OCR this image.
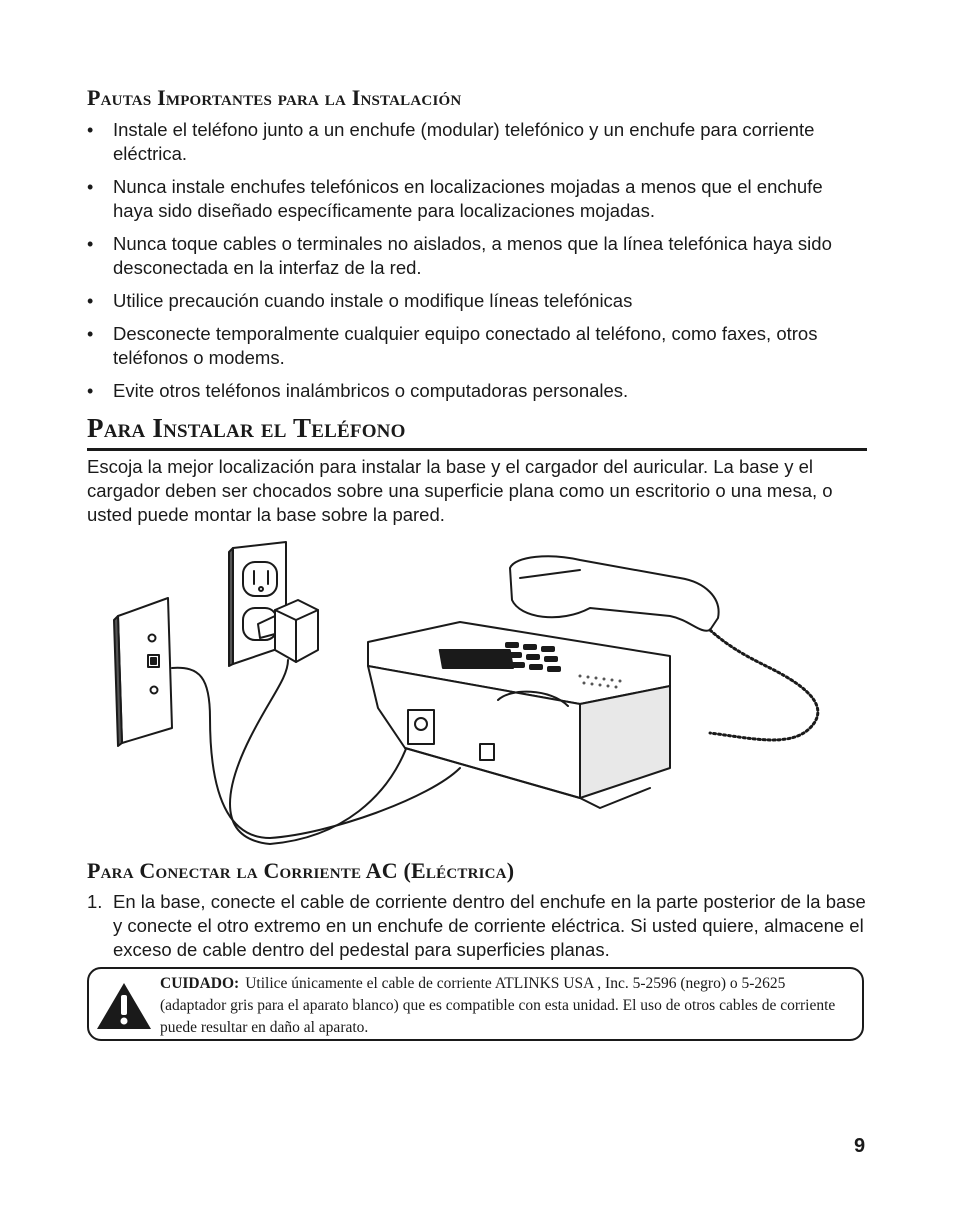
Pautas Importantes para la Instalación
• Instale el teléfono junto a un enchufe (modular) telefónico y un enchufe para corriente eléctrica.
• Nunca instale enchufes telefónicos en localizaciones mojadas a menos que el enchufe haya sido diseñado específicamente para localizaciones mojadas.
• Nunca toque cables o terminales no aislados, a menos que la línea telefónica haya sido desconectada en la interfaz de la red.
• Utilice precaución cuando instale o modifique líneas telefónicas
• Desconecte temporalmente cualquier equipo conectado al teléfono, como faxes, otros teléfonos o modems.
• Evite otros teléfonos inalámbricos o computadoras personales.
Para Instalar el Teléfono

Escoja la mejor localización para instalar la base y el cargador del auricular. La base y el cargador deben ser chocados sobre una superficie plana como un escritorio o una mesa, o usted puede montar la base sobre la pared.

Para Conectar la Corriente AC (Eléctrica)
1. En la base, conecte el cable de corriente dentro del enchufe en la parte posterior de la base y conecte el otro extremo en un enchufe de corriente eléctrica. Si usted quiere, almacene el exceso de cable dentro del pedestal para superficies planas.
CUIDADO: Utilice únicamente el cable de corriente ATLINKS USA , Inc. 5-2596 (negro) o 5-2625 (adaptador gris para el aparato blanco) que es compatible con esta unidad. El uso de otros cables de corriente puede resultar en daño al aparato.
9
